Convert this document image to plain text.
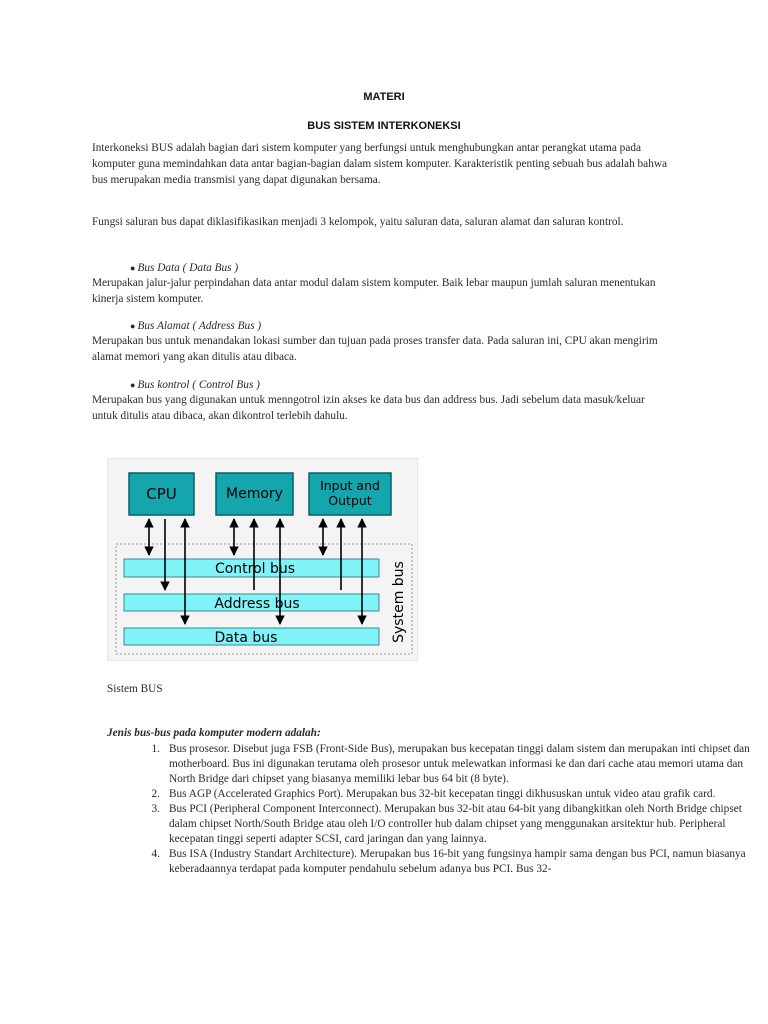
MATERI
BUS SISTEM INTERKONEKSI
Interkoneksi BUS adalah bagian dari sistem komputer yang berfungsi untuk menghubungkan antar perangkat utama pada komputer guna memindahkan data antar bagian-bagian dalam sistem komputer. Karakteristik penting sebuah bus adalah bahwa bus merupakan media transmisi yang dapat digunakan bersama.
Fungsi saluran bus dapat diklasifikasikan menjadi 3 kelompok, yaitu saluran data, saluran alamat dan saluran kontrol.
● Bus Data ( Data Bus )
Merupakan jalur-jalur perpindahan data antar modul dalam sistem komputer. Baik lebar maupun jumlah saluran menentukan kinerja sistem komputer.
● Bus Alamat ( Address Bus )
Merupakan bus untuk menandakan lokasi sumber dan tujuan pada proses transfer data. Pada saluran ini, CPU akan mengirim alamat memori yang akan ditulis atau dibaca.
● Bus kontrol ( Control Bus )
Merupakan bus yang digunakan untuk menngotrol izin akses ke data bus dan address bus. Jadi sebelum data masuk/keluar untuk ditulis atau dibaca, akan dikontrol terlebih dahulu.
CPU	Memory
Input and Output
Control bus
Address bus
Data bus	System bus
Sistem BUS
Jenis bus-bus pada komputer modern adalah:
1. Bus prosesor. Disebut juga FSB (Front-Side Bus), merupakan bus kecepatan tinggi dalam sistem dan merupakan inti chipset dan motherboard. Bus ini digunakan terutama oleh prosesor untuk melewatkan informasi ke dan dari cache atau memori utama dan North Bridge dari chipset yang biasanya memiliki lebar bus 64 bit (8 byte).
2. Bus AGP (Accelerated Graphics Port). Merupakan bus 32-bit kecepatan tinggi dikhususkan untuk video atau grafik card.
3. Bus PCI (Peripheral Component Interconnect). Merupakan bus 32-bit atau 64-bit yang dibangkitkan oleh North Bridge chipset dalam chipset North/South Bridge atau oleh I/O controller hub dalam chipset yang menggunakan arsitektur hub. Peripheral kecepatan tinggi seperti adapter SCSI, card jaringan dan yang lainnya.
4. Bus ISA (Industry Standart Architecture). Merupakan bus 16-bit yang fungsinya hampir sama dengan bus PCI, namun biasanya keberadaannya terdapat pada komputer pendahulu sebelum adanya bus PCI. Bus 32-
